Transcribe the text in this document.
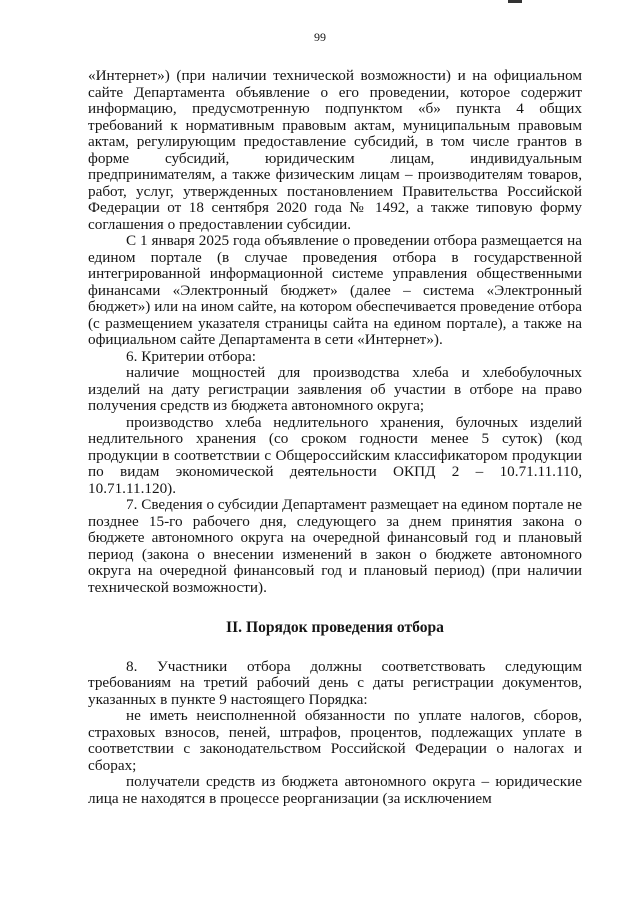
99

«Интернет») (при наличии технической возможности) и на официальном сайте Департамента объявление о его проведении, которое содержит информацию, предусмотренную подпунктом «б» пункта 4 общих требований к нормативным правовым актам, муниципальным правовым актам, регулирующим предоставление субсидий, в том числе грантов в форме субсидий, юридическим лицам, индивидуальным предпринимателям, а также физическим лицам – производителям товаров, работ, услуг, утвержденных постановлением Правительства Российской Федерации от 18 сентября 2020 года № 1492, а также типовую форму соглашения о предоставлении субсидии.

С 1 января 2025 года объявление о проведении отбора размещается на едином портале (в случае проведения отбора в государственной интегрированной информационной системе управления общественными финансами «Электронный бюджет» (далее – система «Электронный бюджет») или на ином сайте, на котором обеспечивается проведение отбора (с размещением указателя страницы сайта на едином портале), а также на официальном сайте Департамента в сети «Интернет»).

6. Критерии отбора:

наличие мощностей для производства хлеба и хлебобулочных изделий на дату регистрации заявления об участии в отборе на право получения средств из бюджета автономного округа;

производство хлеба недлительного хранения, булочных изделий недлительного хранения (со сроком годности менее 5 суток) (код продукции в соответствии с Общероссийским классификатором продукции по видам экономической деятельности ОКПД 2 – 10.71.11.110, 10.71.11.120).

7. Сведения о субсидии Департамент размещает на едином портале не позднее 15-го рабочего дня, следующего за днем принятия закона о бюджете автономного округа на очередной финансовый год и плановый период (закона о внесении изменений в закон о бюджете автономного округа на очередной финансовый год и плановый период) (при наличии технической возможности).

II. Порядок проведения отбора

8. Участники отбора должны соответствовать следующим требованиям на третий рабочий день с даты регистрации документов, указанных в пункте 9 настоящего Порядка:

не иметь неисполненной обязанности по уплате налогов, сборов, страховых взносов, пеней, штрафов, процентов, подлежащих уплате в соответствии с законодательством Российской Федерации о налогах и сборах;

получатели средств из бюджета автономного округа – юридические лица не находятся в процессе реорганизации (за исключением
